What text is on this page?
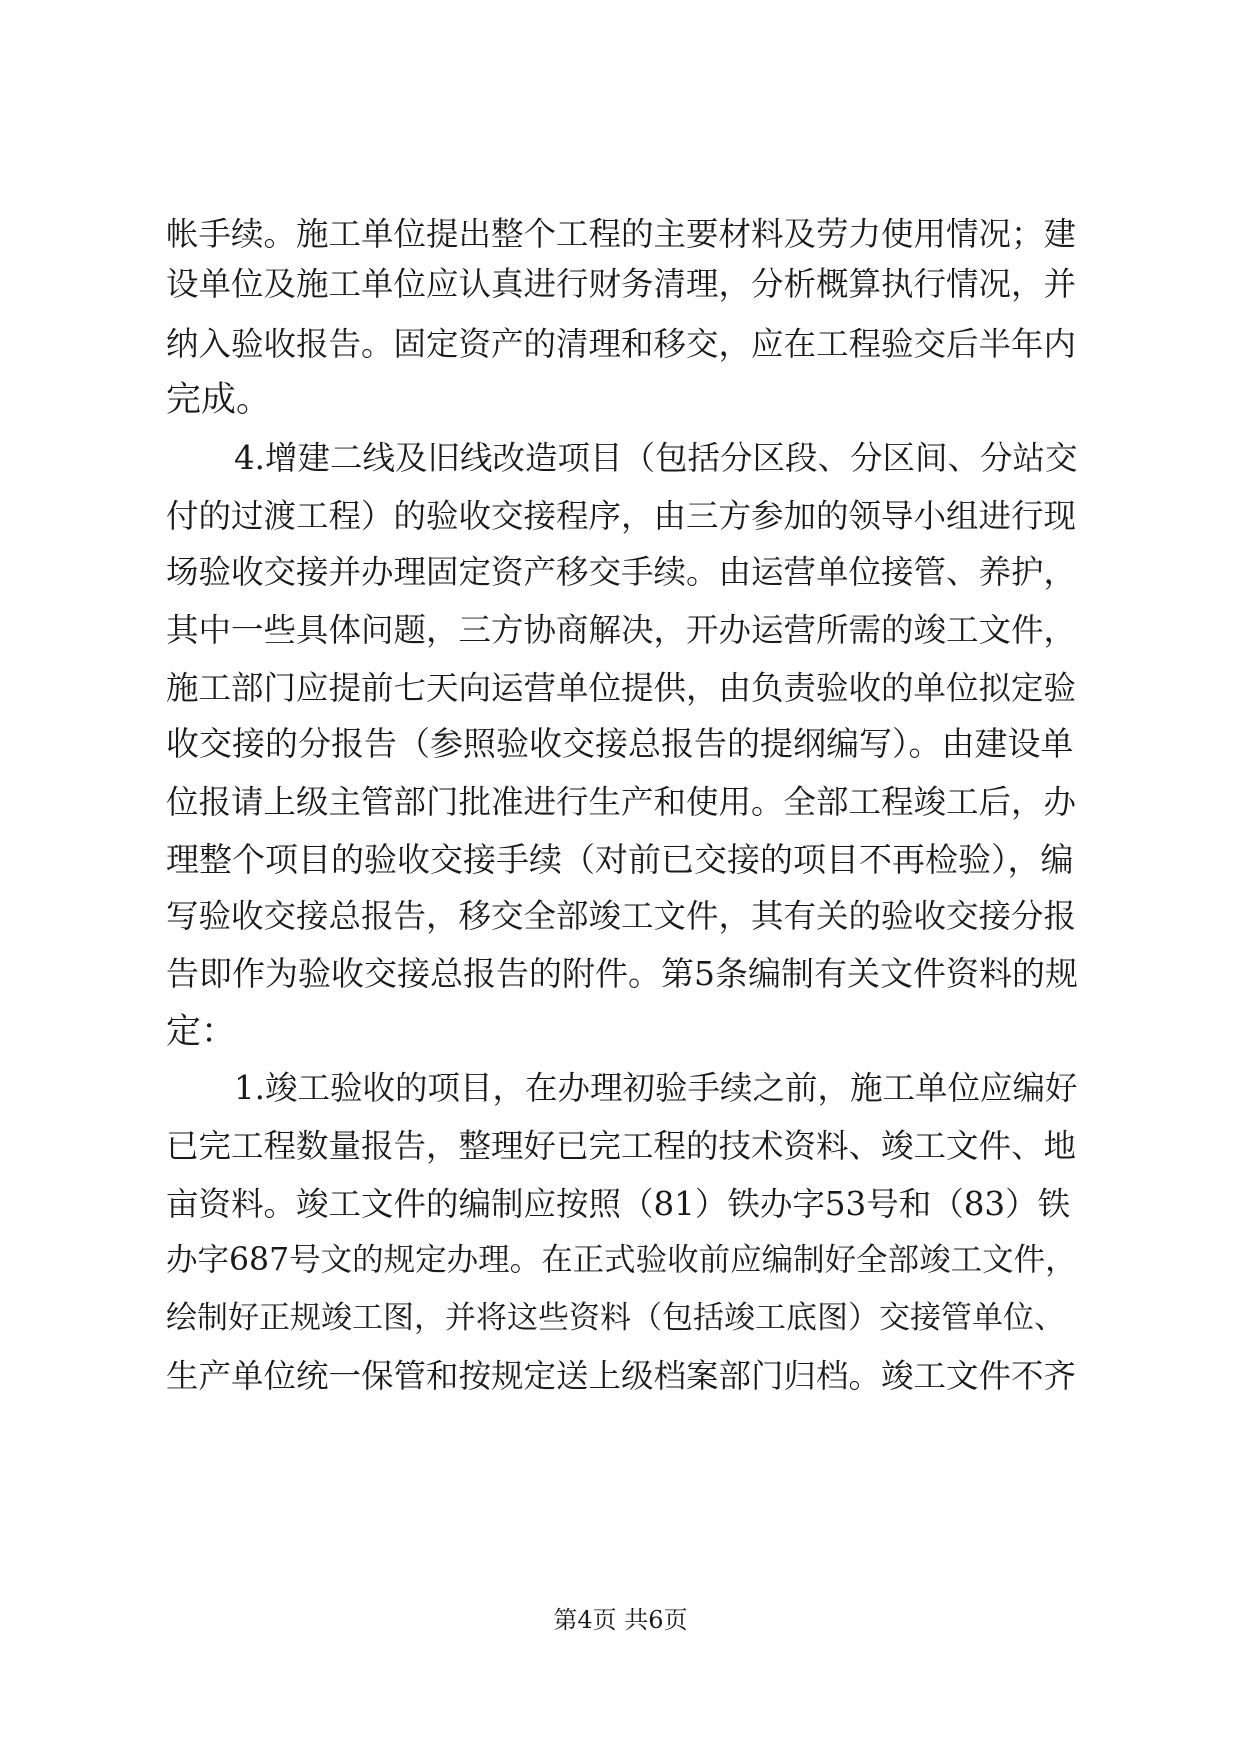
帐手续。施工单位提出整个工程的主要材料及劳力使用情况；建
设单位及施工单位应认真进行财务清理，分析概算执行情况，并
纳入验收报告。固定资产的清理和移交，应在工程验交后半年内
完成。
4.增建二线及旧线改造项目（包括分区段、分区间、分站交
付的过渡工程）的验收交接程序，由三方参加的领导小组进行现
场验收交接并办理固定资产移交手续。由运营单位接管、养护，
其中一些具体问题，三方协商解决，开办运营所需的竣工文件，
施工部门应提前七天向运营单位提供，由负责验收的单位拟定验
收交接的分报告（参照验收交接总报告的提纲编写）。由建设单
位报请上级主管部门批准进行生产和使用。全部工程竣工后，办
理整个项目的验收交接手续（对前已交接的项目不再检验），编
写验收交接总报告，移交全部竣工文件，其有关的验收交接分报
告即作为验收交接总报告的附件。第5条编制有关文件资料的规
定：
1.竣工验收的项目，在办理初验手续之前，施工单位应编好
已完工程数量报告，整理好已完工程的技术资料、竣工文件、地
亩资料。竣工文件的编制应按照（81）铁办字53号和（83）铁
办字687号文的规定办理。在正式验收前应编制好全部竣工文件，
绘制好正规竣工图，并将这些资料（包括竣工底图）交接管单位、
生产单位统一保管和按规定送上级档案部门归档。竣工文件不齐
第4页 共6页
